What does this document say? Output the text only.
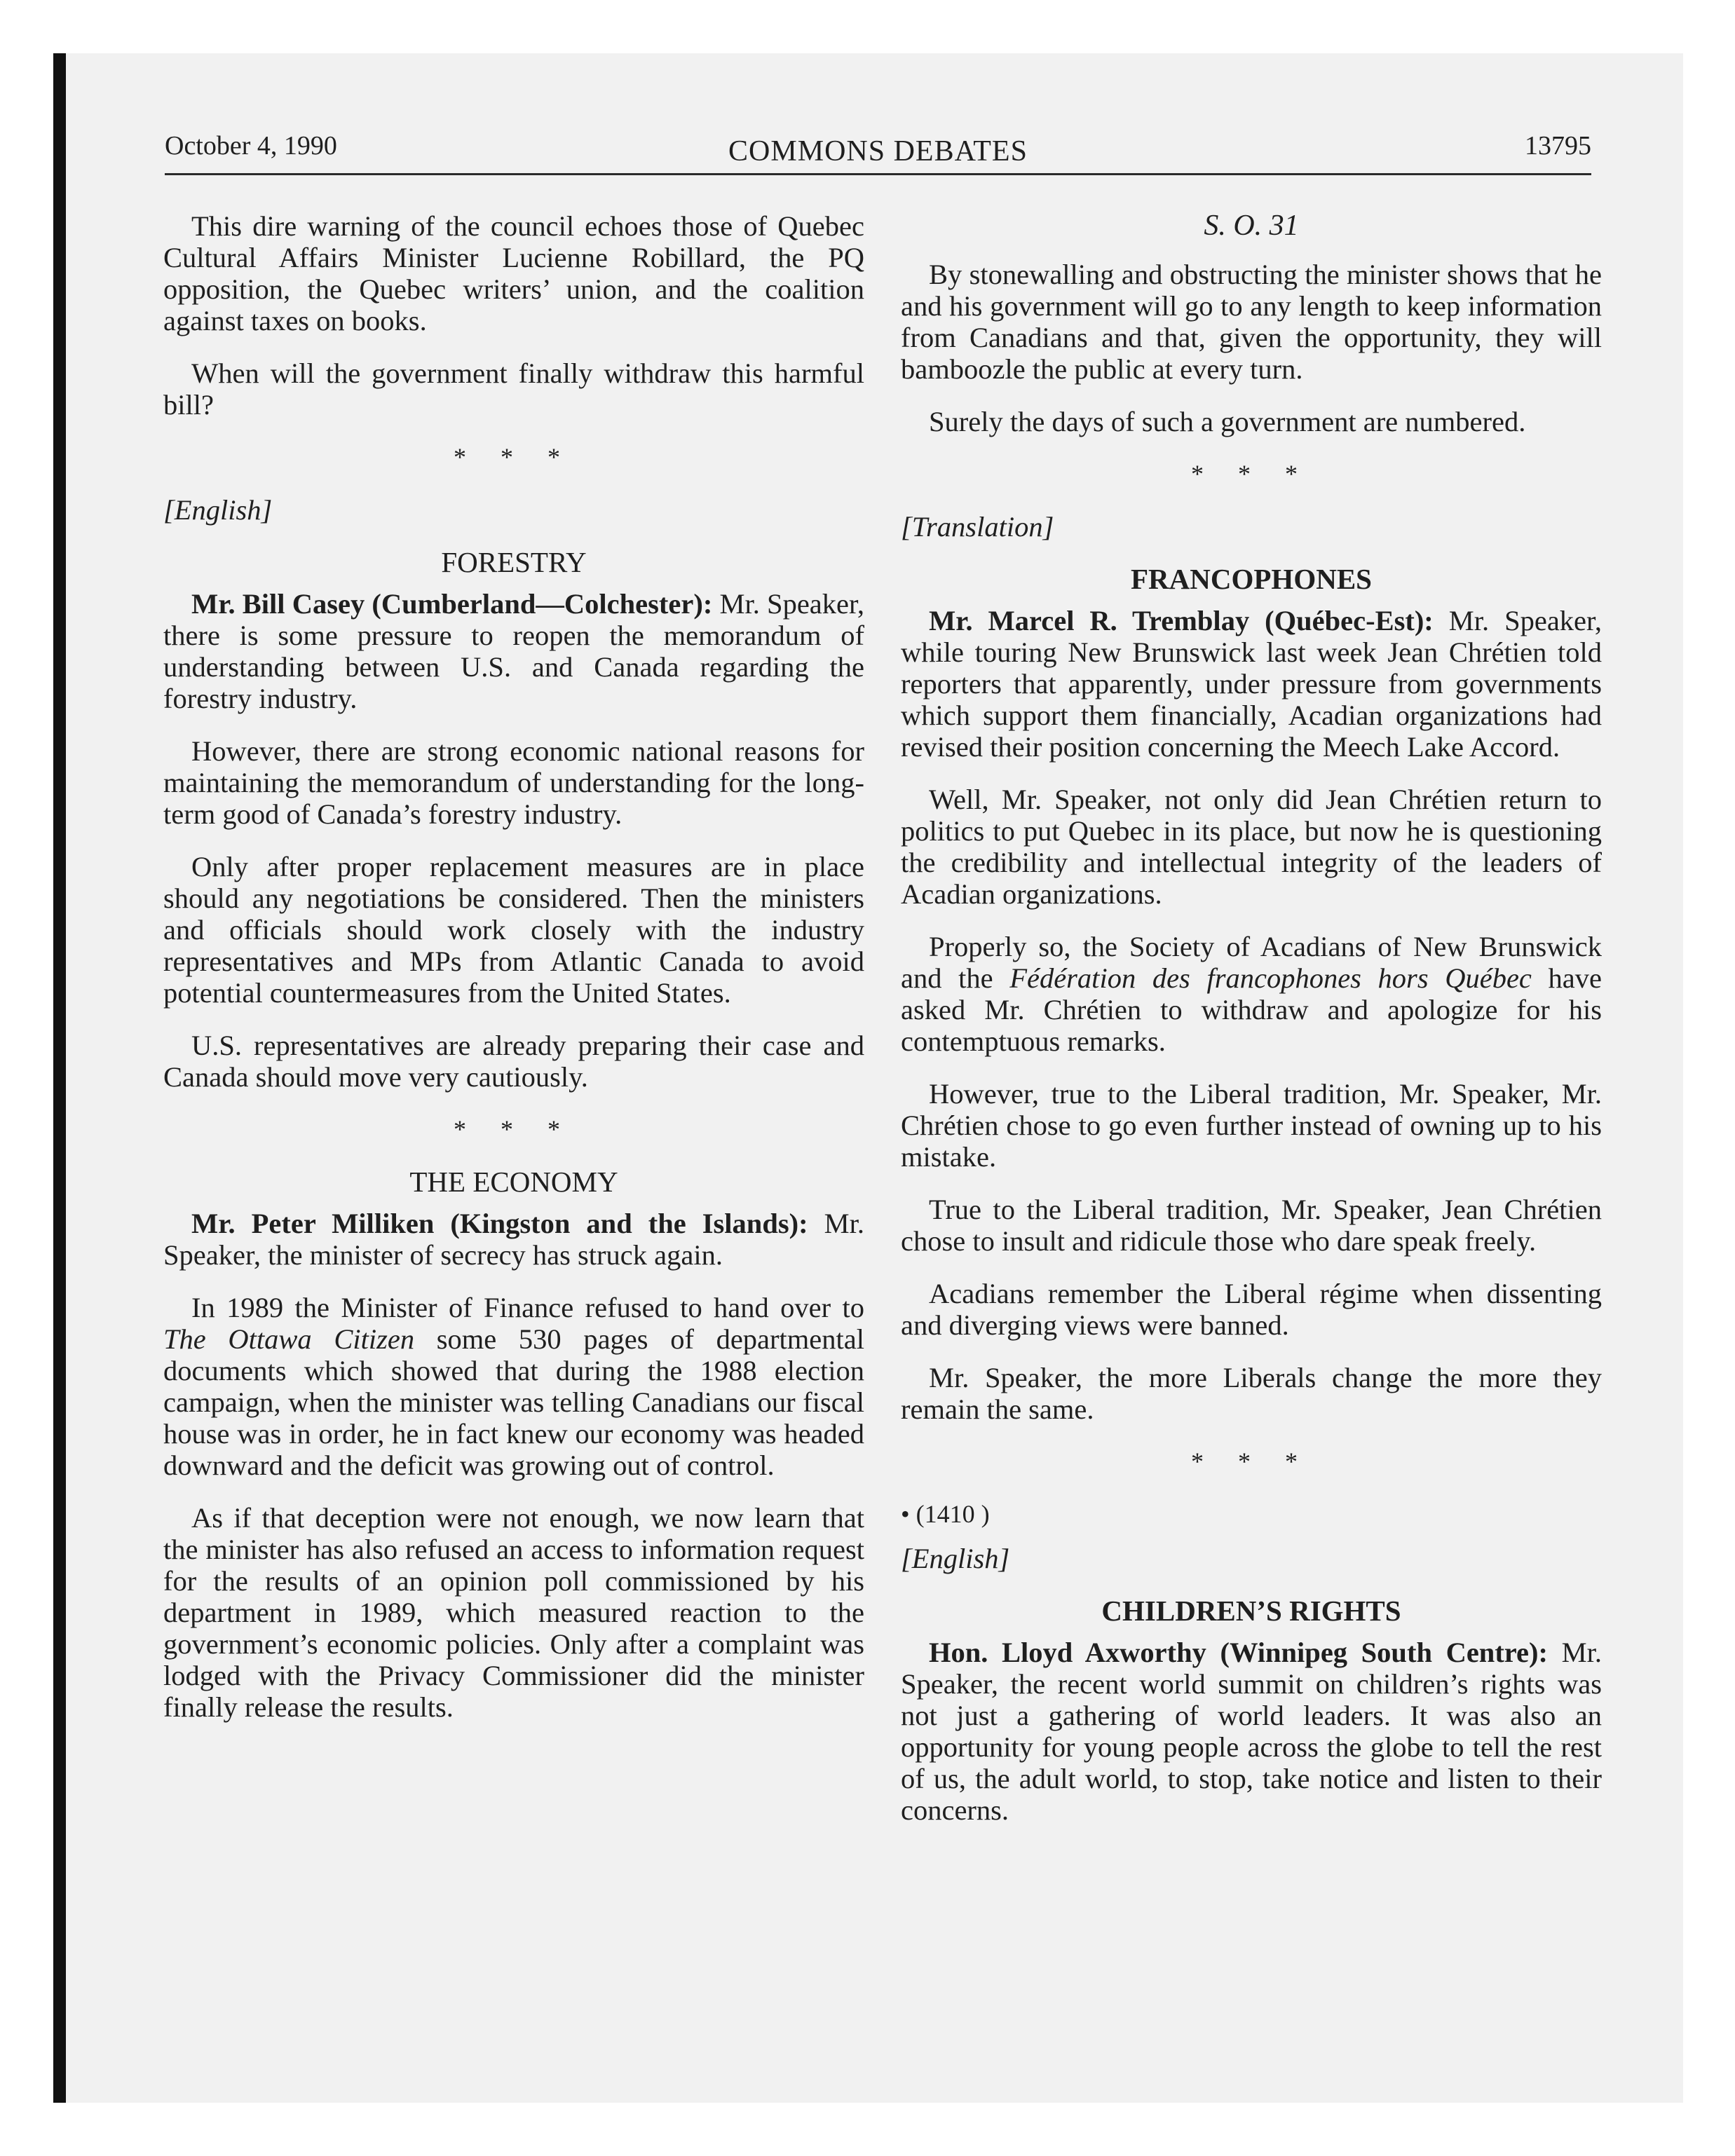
October 4, 1990	COMMONS DEBATES	13795

This dire warning of the council echoes those of Quebec Cultural Affairs Minister Lucienne Robillard, the PQ opposition, the Quebec writers’ union, and the coalition against taxes on books.

When will the government finally withdraw this harmful bill?

* * *
[English]
FORESTRY

Mr. Bill Casey (Cumberland—Colchester): Mr. Speaker, there is some pressure to reopen the memorandum of understanding between U.S. and Canada regarding the forestry industry.

However, there are strong economic national reasons for maintaining the memorandum of understanding for the long-term good of Canada’s forestry industry.

Only after proper replacement measures are in place should any negotiations be considered. Then the ministers and officials should work closely with the industry representatives and MPs from Atlantic Canada to avoid potential countermeasures from the United States.

U.S. representatives are already preparing their case and Canada should move very cautiously.

* * *
THE ECONOMY

Mr. Peter Milliken (Kingston and the Islands): Mr. Speaker, the minister of secrecy has struck again.

In 1989 the Minister of Finance refused to hand over to The Ottawa Citizen some 530 pages of departmental documents which showed that during the 1988 election campaign, when the minister was telling Canadians our fiscal house was in order, he in fact knew our economy was headed downward and the deficit was growing out of control.

As if that deception were not enough, we now learn that the minister has also refused an access to information request for the results of an opinion poll commissioned by his department in 1989, which measured reaction to the government’s economic policies. Only after a complaint was lodged with the Privacy Commissioner did the minister finally release the results.

S. O. 31

By stonewalling and obstructing the minister shows that he and his government will go to any length to keep information from Canadians and that, given the opportunity, they will bamboozle the public at every turn.

Surely the days of such a government are numbered.

* * *
[Translation]
FRANCOPHONES

Mr. Marcel R. Tremblay (Québec-Est): Mr. Speaker, while touring New Brunswick last week Jean Chrétien told reporters that apparently, under pressure from governments which support them financially, Acadian organizations had revised their position concerning the Meech Lake Accord.

Well, Mr. Speaker, not only did Jean Chrétien return to politics to put Quebec in its place, but now he is questioning the credibility and intellectual integrity of the leaders of Acadian organizations.

Properly so, the Society of Acadians of New Brunswick and the Fédération des francophones hors Québec have asked Mr. Chrétien to withdraw and apologize for his contemptuous remarks.

However, true to the Liberal tradition, Mr. Speaker, Mr. Chrétien chose to go even further instead of owning up to his mistake.

True to the Liberal tradition, Mr. Speaker, Jean Chrétien chose to insult and ridicule those who dare speak freely.

Acadians remember the Liberal régime when dissenting and diverging views were banned.

Mr. Speaker, the more Liberals change the more they remain the same.

* * *
• (1410 )
[English]
CHILDREN’S RIGHTS

Hon. Lloyd Axworthy (Winnipeg South Centre): Mr. Speaker, the recent world summit on children’s rights was not just a gathering of world leaders. It was also an opportunity for young people across the globe to tell the rest of us, the adult world, to stop, take notice and listen to their concerns.
